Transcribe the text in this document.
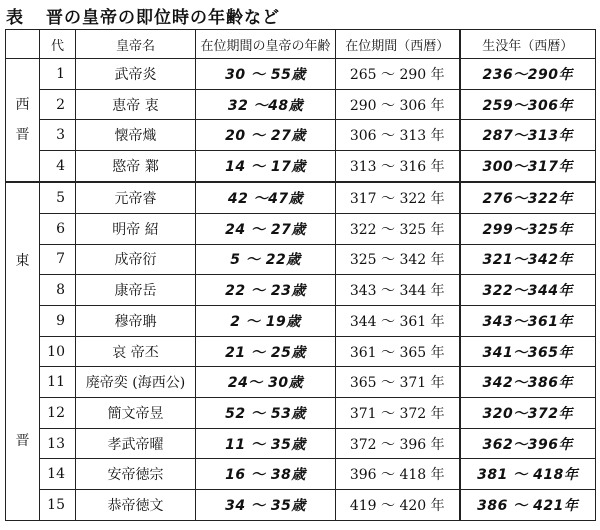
表 晋の皇帝の即位時の年齢など
	代	皇帝名	在位期間の皇帝の年齢	在位期間（西暦）	生没年（西暦）

西
晋	1	武帝炎	30 ～ 55歳	265 ～ 290 年	236～290年
	2	恵帝 衷	32 ～48歳	290 ～ 306 年	259～306年
	3	懐帝熾	20 ～ 27歳	306 ～ 313 年	287～313年
	4	愍帝 鄴	14 ～ 17歳	313 ～ 316 年	300～317年

東
晋	5	元帝睿	42 ～47歳	317 ～ 322 年	276～322年
	6	明帝 紹	24 ～ 27歳	322 ～ 325 年	299～325年
	7	成帝衍	5 ～ 22歳	325 ～ 342 年	321～342年
	8	康帝岳	22 ～ 23歳	343 ～ 344 年	322～344年
	9	穆帝聃	2 ～ 19歳	344 ～ 361 年	343～361年
	10	哀 帝丕	21 ～ 25歳	361 ～ 365 年	341～365年
	11	廃帝奕 (海西公)	24～ 30歳	365 ～ 371 年	342～386年
	12	簡文帝昱	52 ～ 53歳	371 ～ 372 年	320～372年
	13	孝武帝曜	11 ～ 35歳	372 ～ 396 年	362～396年
	14	安帝徳宗	16 ～ 38歳	396 ～ 418 年	381 ～ 418年
	15	恭帝徳文	34 ～ 35歳	419 ～ 420 年	386 ～ 421年
